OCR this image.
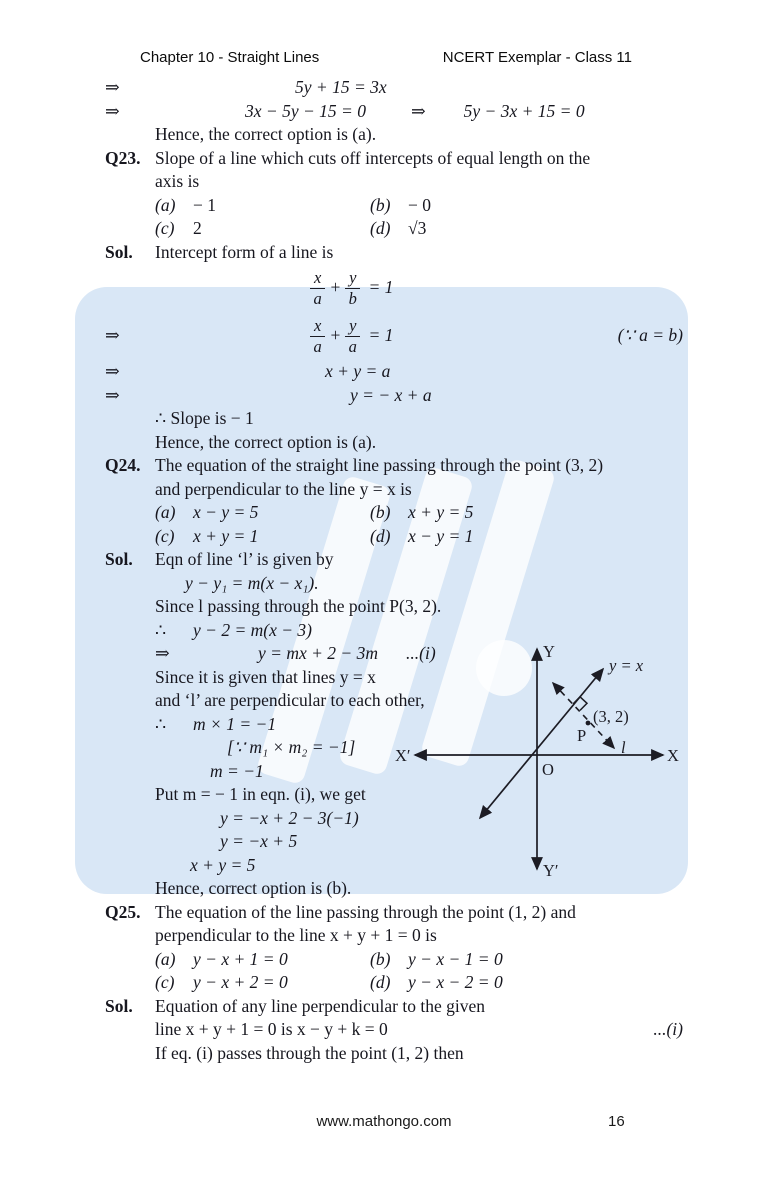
Chapter 10 - Straight Lines	NCERT Exemplar - Class 11
⇒	5y + 15 = 3x
⇒	3x − 5y − 15 = 0	⇒ 5y − 3x + 15 = 0
Hence, the correct option is (a).
Q23. Slope of a line which cuts off intercepts of equal length on the
axis is
(a)	− 1	(b)	− 0
(c)	2	(d)	√3
Sol.	Intercept form of a line is
$\frac{x}{a} + \frac{y}{b} = 1$
⇒	$\frac{x}{a} + \frac{y}{a} = 1$	(∵ a = b)
⇒	x + y = a
⇒	y = − x + a
∴ Slope is − 1
Hence, the correct option is (a).
Q24. The equation of the straight line passing through the point (3, 2)
and perpendicular to the line y = x is
(a)	x − y = 5	(b)	x + y = 5
(c)	x + y = 1	(d)	x − y = 1
Sol.	Eqn of line ‘l’ is given by
y − y₁ = m(x − x₁).
Since l passing through the point P(3, 2).
∴	y − 2 = m(x − 3)
⇒	y = mx + 2 − 3m ...(i)
Since it is given that lines y = x
and ‘l’ are perpendicular to each other,
∴	m × 1 = −1
[∵ m₁ × m₂ = −1]
m = −1
Put m = − 1 in eqn. (i), we get
y = −x + 2 − 3(−1)
y = −x + 5
x + y = 5
Hence, correct option is (b).
Q25. The equation of the line passing through the point (1, 2) and
perpendicular to the line x + y + 1 = 0 is
(a)	y − x + 1 = 0	(b)	y − x − 1 = 0
(c)	y − x + 2 = 0	(d)	y − x − 2 = 0
Sol.	Equation of any line perpendicular to the given
line x + y + 1 = 0 is x − y + k = 0	...(i)
If eq. (i) passes through the point (1, 2) then
Y
Y′
X
X′
O
y = x
(3, 2)
P
l
www.mathongo.com	16
